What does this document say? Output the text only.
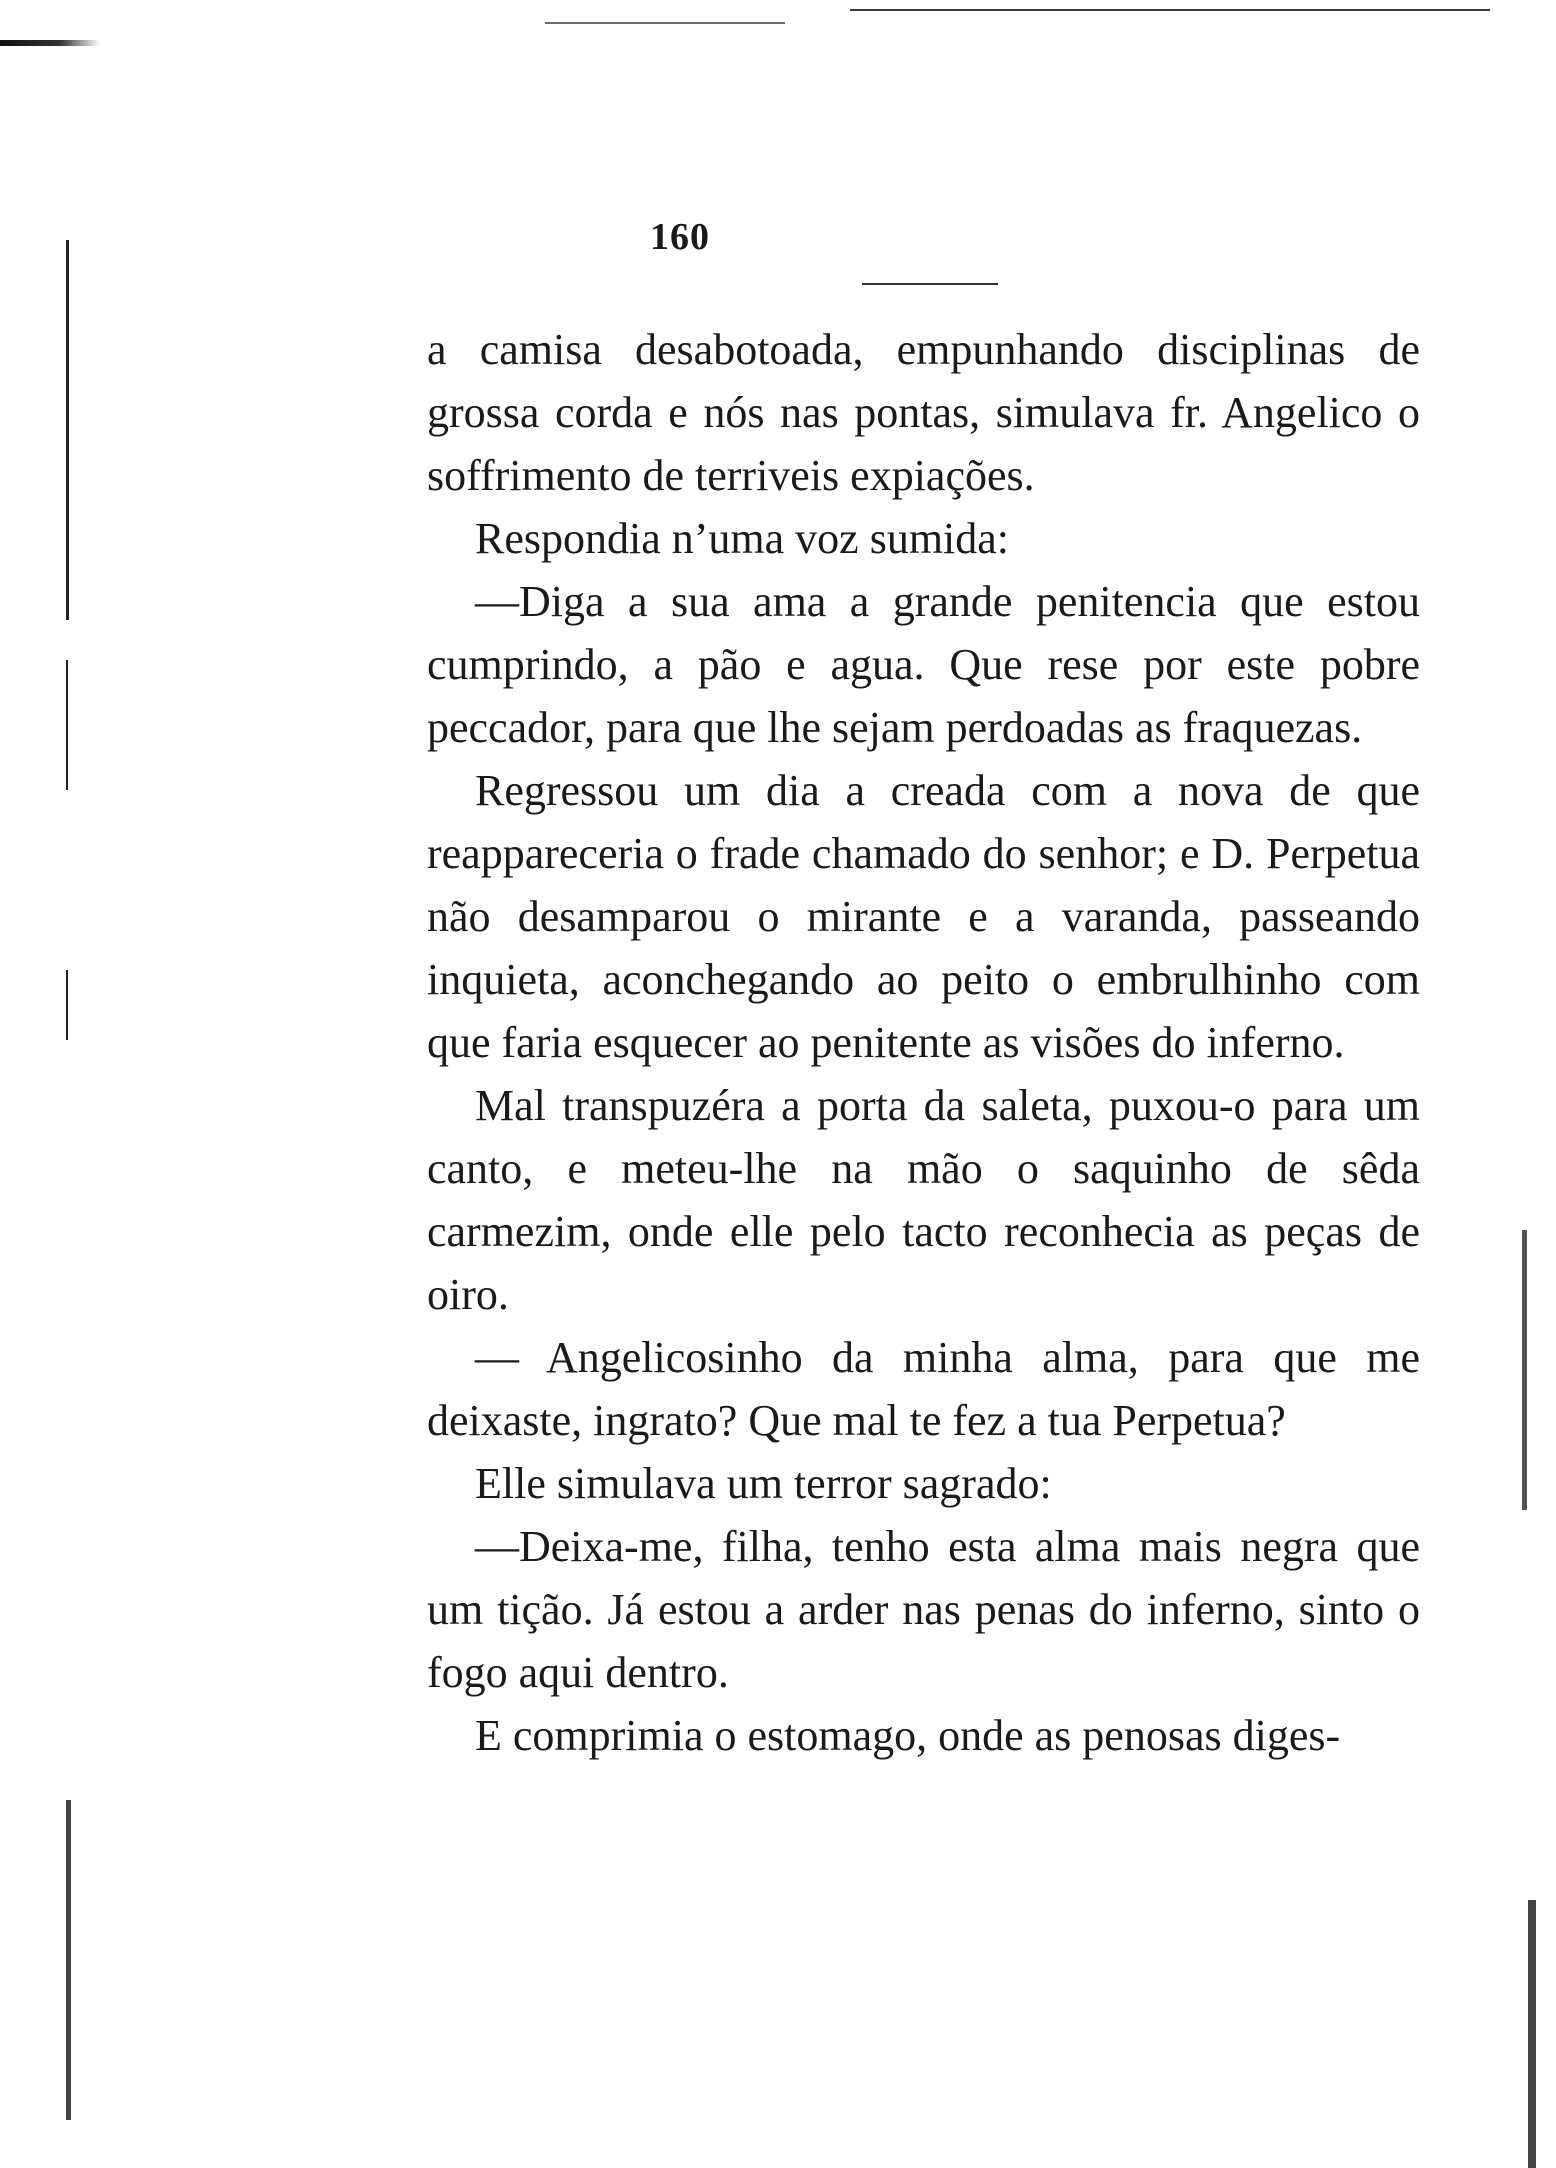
160

a camisa desabotoada, empunhando disciplinas de grossa corda e nós nas pontas, simulava fr. Angelico o soffrimento de terriveis expiações.

Respondia n’uma voz sumida:

—Diga a sua ama a grande penitencia que estou cumprindo, a pão e agua. Que rese por este pobre peccador, para que lhe sejam perdoadas as fraquezas.

Regressou um dia a creada com a nova de que reappareceria o frade chamado do senhor; e D. Perpetua não desamparou o mirante e a varanda, passeando inquieta, aconchegando ao peito o embrulhinho com que faria esquecer ao penitente as visões do inferno.

Mal transpuzéra a porta da saleta, puxou-o para um canto, e meteu-lhe na mão o saquinho de sêda carmezim, onde elle pelo tacto reconhecia as peças de oiro.

— Angelicosinho da minha alma, para que me deixaste, ingrato? Que mal te fez a tua Perpetua?

Elle simulava um terror sagrado:

—Deixa-me, filha, tenho esta alma mais negra que um tição. Já estou a arder nas penas do inferno, sinto o fogo aqui dentro.

E comprimia o estomago, onde as penosas diges-
